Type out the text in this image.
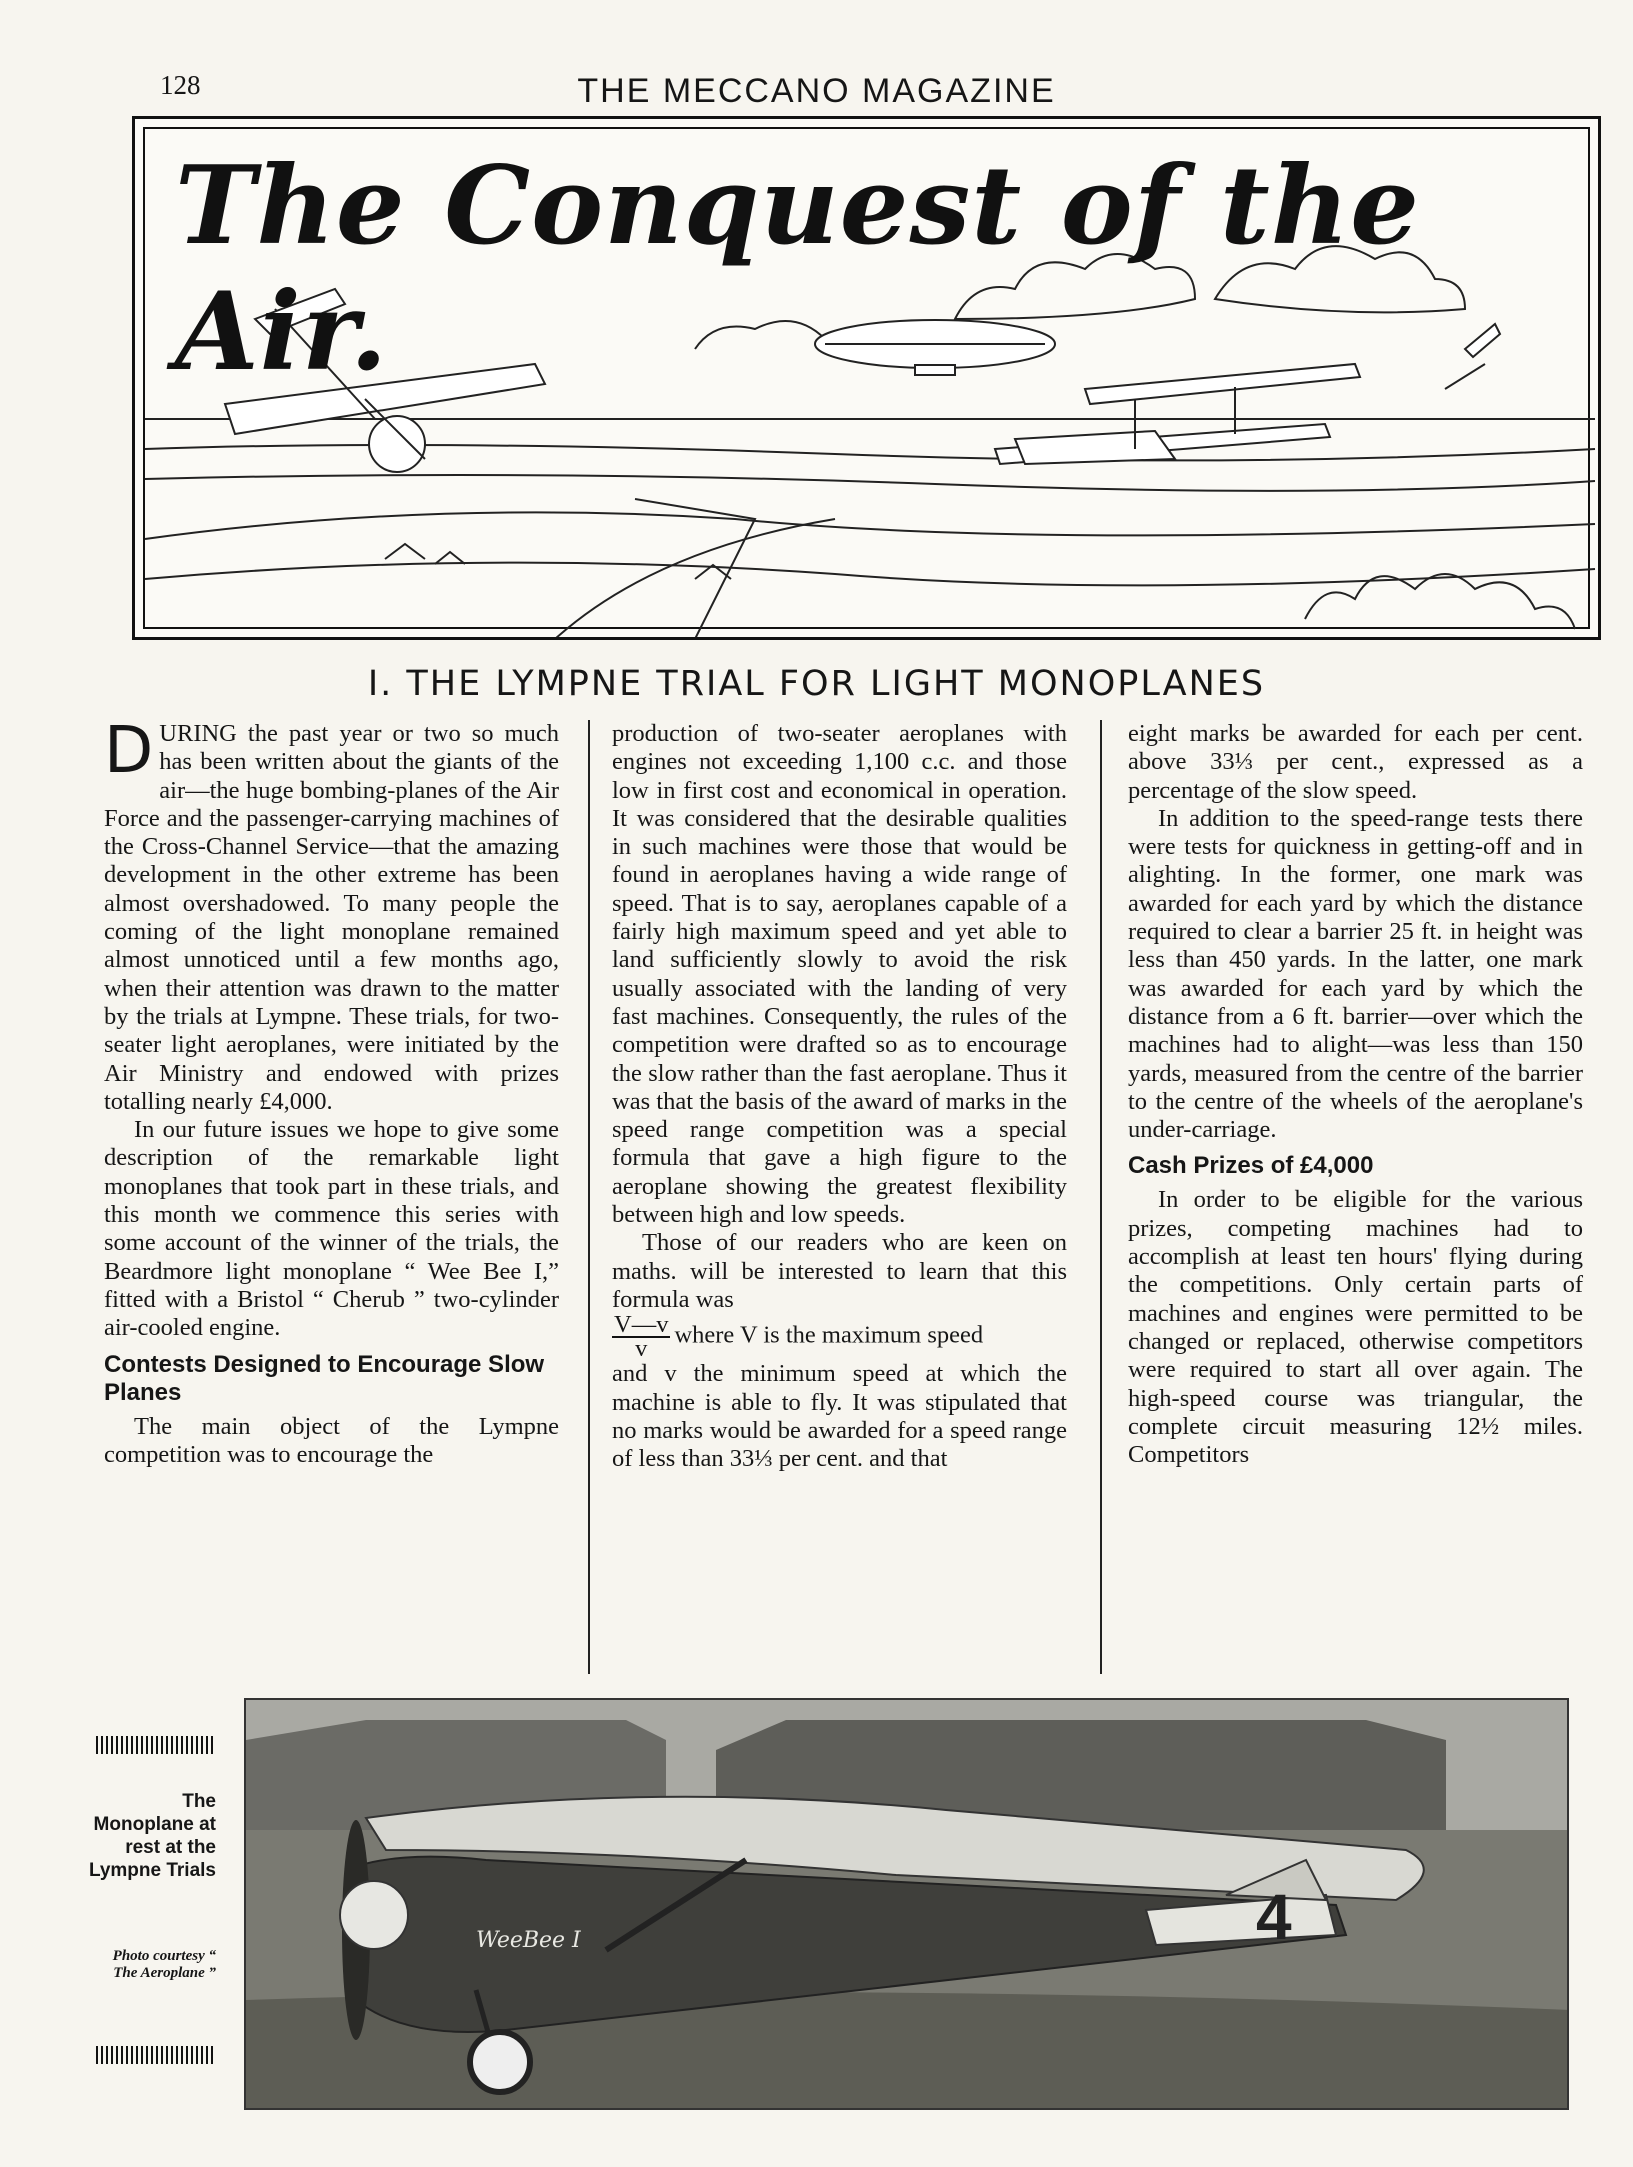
128	THE MECCANO MAGAZINE
The Conquest of the Air.
I. THE LYMPNE TRIAL FOR LIGHT MONOPLANES

DURING the past year or two so much has been written about the giants of the air—the huge bombing-planes of the Air Force and the passenger-carrying machines of the Cross-Channel Service—that the amazing development in the other extreme has been almost overshadowed. To many people the coming of the light monoplane remained almost unnoticed until a few months ago, when their attention was drawn to the matter by the trials at Lympne. These trials, for two-seater light aeroplanes, were initiated by the Air Ministry and endowed with prizes totalling nearly £4,000.

In our future issues we hope to give some description of the remarkable light monoplanes that took part in these trials, and this month we commence this series with some account of the winner of the trials, the Beardmore light monoplane “ Wee Bee I,” fitted with a Bristol “ Cherub ” two-cylinder air-cooled engine.

Contests Designed to Encourage Slow Planes

The main object of the Lympne competition was to encourage the

production of two-seater aeroplanes with engines not exceeding 1,100 c.c. and those low in first cost and economical in operation. It was considered that the desirable qualities in such machines were those that would be found in aeroplanes having a wide range of speed. That is to say, aeroplanes capable of a fairly high maximum speed and yet able to land sufficiently slowly to avoid the risk usually associated with the landing of very fast machines. Consequently, the rules of the competition were drafted so as to encourage the slow rather than the fast aeroplane. Thus it was that the basis of the award of marks in the speed range competition was a special formula that gave a high figure to the aeroplane showing the greatest flexibility between high and low speeds.

Those of our readers who are keen on maths. will be interested to learn that this formula was

$\frac{V—v}{v}$ where V is the maximum speed

and v the minimum speed at which the machine is able to fly. It was stipulated that no marks would be awarded for a speed range of less than 33⅓ per cent. and that

eight marks be awarded for each per cent. above 33⅓ per cent., expressed as a percentage of the slow speed.

In addition to the speed-range tests there were tests for quickness in getting-off and in alighting. In the former, one mark was awarded for each yard by which the distance required to clear a barrier 25 ft. in height was less than 450 yards. In the latter, one mark was awarded for each yard by which the distance from a 6 ft. barrier—over which the machines had to alight—was less than 150 yards, measured from the centre of the barrier to the centre of the wheels of the aeroplane's under-carriage.

Cash Prizes of £4,000

In order to be eligible for the various prizes, competing machines had to accomplish at least ten hours' flying during the competitions. Only certain parts of machines and engines were permitted to be changed or replaced, otherwise competitors were required to start all over again. The high-speed course was triangular, the complete circuit measuring 12½ miles. Competitors

The Monoplane at rest at the Lympne Trials
Photo courtesy “ The Aeroplane ”
WeeBee I	4
